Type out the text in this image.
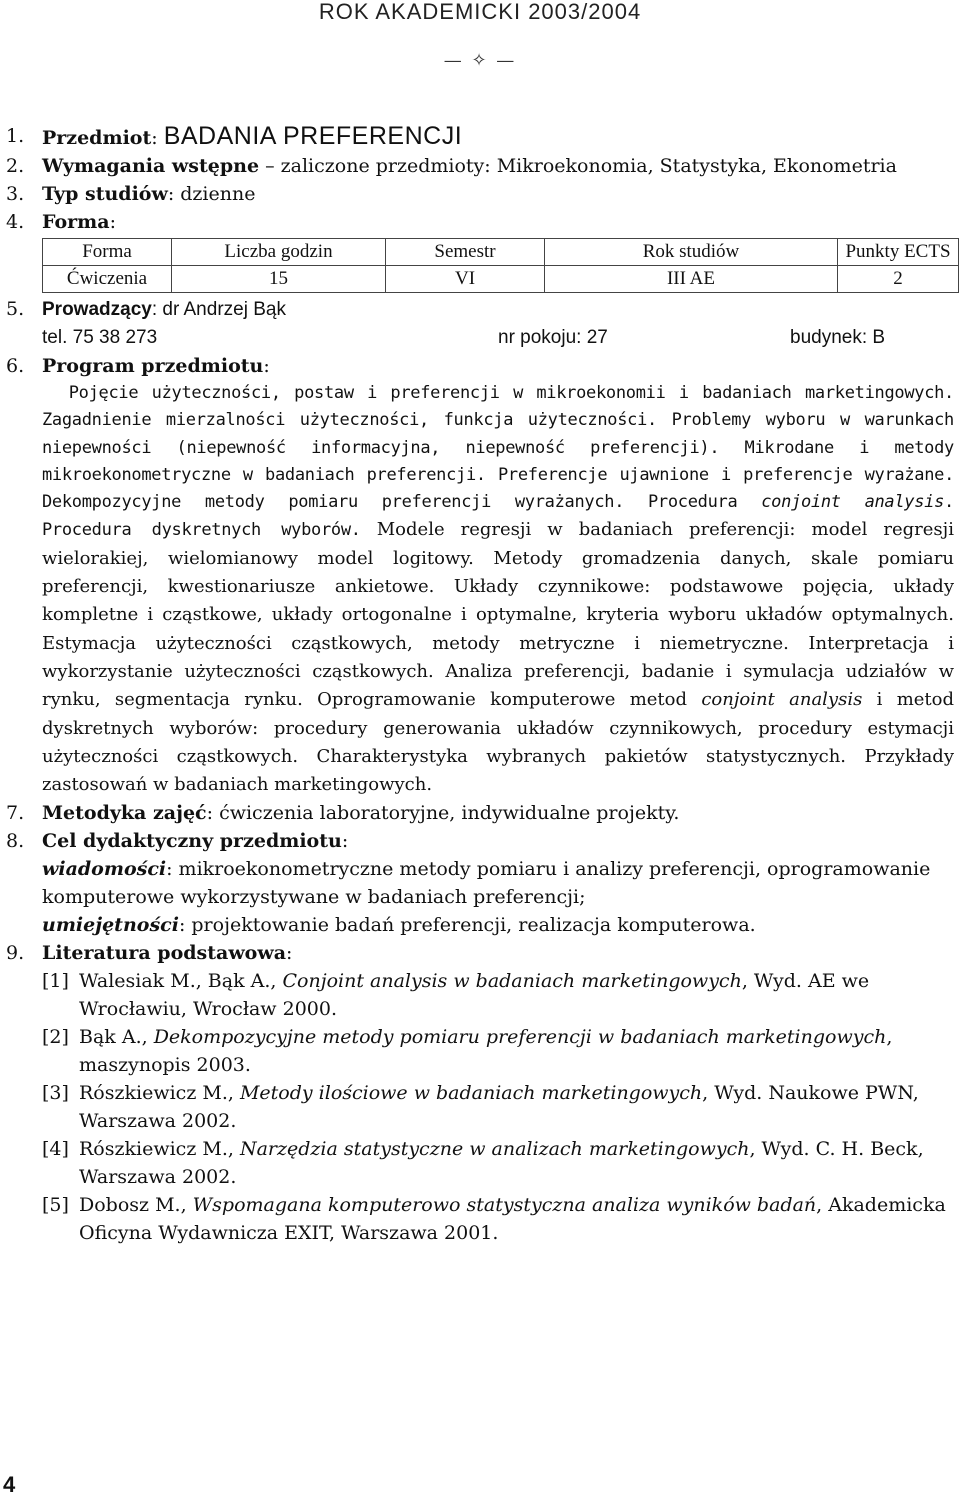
ROK AKADEMICKI 2003/2004
— ✧ —
1. Przedmiot: BADANIA PREFERENCJI
2. Wymagania wstępne – zaliczone przedmioty: Mikroekonomia, Statystyka, Ekonometria
3. Typ studiów: dzienne
4. Forma:
Forma	Liczba godzin	Semestr	Rok studiów	Punkty ECTS
Ćwiczenia	15	VI	III AE	2
5. Prowadzący: dr Andrzej Bąk
tel. 75 38 273	nr pokoju: 27	budynek: B
6. Program przedmiotu:
Pojęcie użyteczności, postaw i preferencji w mikroekonomii i badaniach marketingowych. Zagadnienie mierzalności użyteczności, funkcja użyteczności. Problemy wyboru w warunkach niepewności (niepewność informacyjna, niepewność preferencji). Mikrodane i metody mikroekonometryczne w badaniach preferencji. Preferencje ujawnione i preferencje wyrażane. Dekompozycyjne metody pomiaru preferencji wyrażanych. Procedura conjoint analysis. Procedura dyskretnych wyborów. Modele regresji w badaniach preferencji: model regresji wielorakiej, wielomianowy model logitowy. Metody gromadzenia danych, skale pomiaru preferencji, kwestionariusze ankietowe. Układy czynnikowe: podstawowe pojęcia, układy kompletne i cząstkowe, układy ortogonalne i optymalne, kryteria wyboru układów optymalnych. Estymacja użyteczności cząstkowych, metody metryczne i niemetryczne. Interpretacja i wykorzystanie użyteczności cząstkowych. Analiza preferencji, badanie i symulacja udziałów w rynku, segmentacja rynku. Oprogramowanie komputerowe metod conjoint analysis i metod dyskretnych wyborów: procedury generowania układów czynnikowych, procedury estymacji użyteczności cząstkowych. Charakterystyka wybranych pakietów statystycznych. Przykłady zastosowań w badaniach marketingowych.
7. Metodyka zajęć: ćwiczenia laboratoryjne, indywidualne projekty.
8. Cel dydaktyczny przedmiotu:
wiadomości: mikroekonometryczne metody pomiaru i analizy preferencji, oprogramowanie komputerowe wykorzystywane w badaniach preferencji;
umiejętności: projektowanie badań preferencji, realizacja komputerowa.
9. Literatura podstawowa:
[1] Walesiak M., Bąk A., Conjoint analysis w badaniach marketingowych, Wyd. AE we Wrocławiu, Wrocław 2000.
[2] Bąk A., Dekompozycyjne metody pomiaru preferencji w badaniach marketingowych, maszynopis 2003.
[3] Rószkiewicz M., Metody ilościowe w badaniach marketingowych, Wyd. Naukowe PWN, Warszawa 2002.
[4] Rószkiewicz M., Narzędzia statystyczne w analizach marketingowych, Wyd. C. H. Beck, Warszawa 2002.
[5] Dobosz M., Wspomagana komputerowo statystyczna analiza wyników badań, Akademicka Oficyna Wydawnicza EXIT, Warszawa 2001.
4
